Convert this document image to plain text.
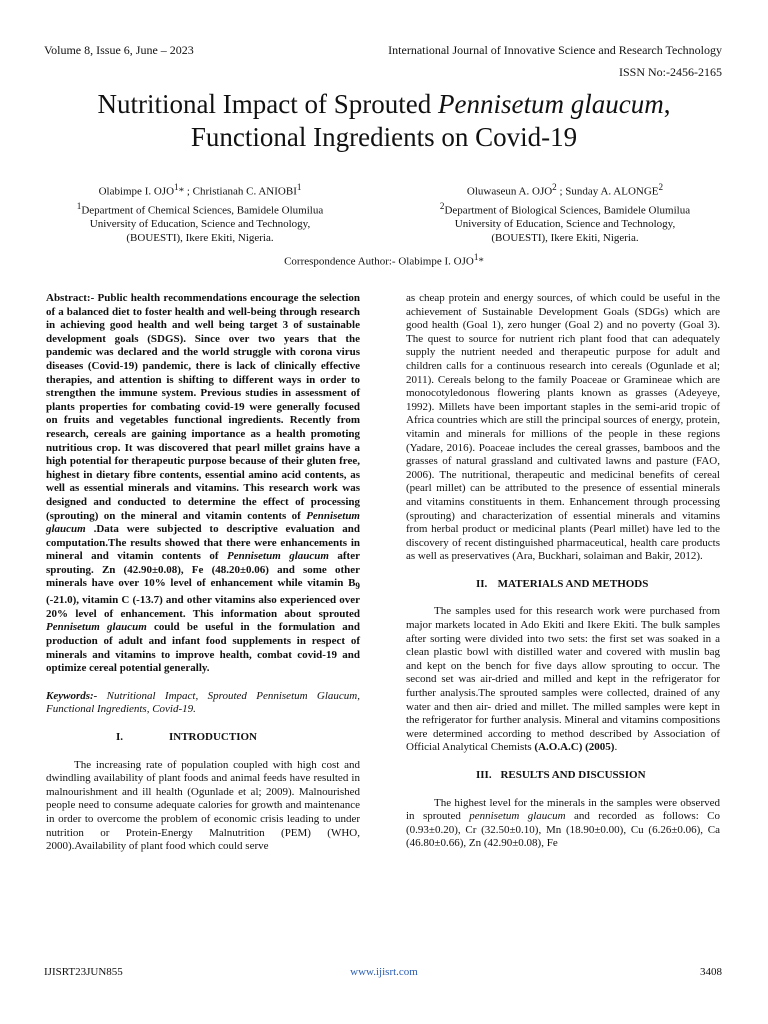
Volume 8, Issue 6, June – 2023	International Journal of Innovative Science and Research Technology
ISSN No:-2456-2165
Nutritional Impact of Sprouted Pennisetum glaucum,
Functional Ingredients on Covid-19
Olabimpe I. OJO$^1$* ; Christianah C. ANIOBI$^1$
$^1$Department of Chemical Sciences, Bamidele Olumilua
University of Education, Science and Technology,
(BOUESTI), Ikere Ekiti, Nigeria.
Oluwaseun A. OJO$^2$ ; Sunday A. ALONGE$^2$
$^2$Department of Biological Sciences, Bamidele Olumilua
University of Education, Science and Technology,
(BOUESTI), Ikere Ekiti, Nigeria.
Correspondence Author:- Olabimpe I. OJO$^1$*

Abstract:- Public health recommendations encourage the selection of a balanced diet to foster health and well-being through research in achieving good health and well being target 3 of sustainable development goals (SDGS). Since over two years that the pandemic was declared and the world struggle with corona virus diseases (Covid-19) pandemic, there is lack of clinically effective therapies, and attention is shifting to different ways in order to strengthen the immune system. Previous studies in assessment of plants properties for combating covid-19 were generally focused on fruits and vegetables functional ingredients. Recently from research, cereals are gaining importance as a health promoting nutritious crop. It was discovered that pearl millet grains have a high potential for therapeutic purpose because of their gluten free, highest in dietary fibre contents, essential amino acid contents, as well as essential minerals and vitamins. This research work was designed and conducted to determine the effect of processing (sprouting) on the mineral and vitamin contents of Pennisetum glaucum .Data were subjected to descriptive evaluation and computation.The results showed that there were enhancements in mineral and vitamin contents of Pennisetum glaucum after sprouting. Zn (42.90±0.08), Fe (48.20±0.06) and some other minerals have over 10% level of enhancement while vitamin $B_9$ (-21.0), vitamin C (-13.7) and other vitamins also experienced over 20% level of enhancement. This information about sprouted Pennisetum glaucum could be useful in the formulation and production of adult and infant food supplements in respect of minerals and vitamins to improve health, combat covid-19 and optimize cereal potential generally.

Keywords:- Nutritional Impact, Sprouted Pennisetum Glaucum, Functional Ingredients, Covid-19.

I.	INTRODUCTION

The increasing rate of population coupled with high cost and dwindling availability of plant foods and animal feeds have resulted in malnourishment and ill health (Ogunlade et al; 2009). Malnourished people need to consume adequate calories for growth and maintenance in order to overcome the problem of economic crisis leading to under nutrition or Protein-Energy Malnutrition (PEM) (WHO, 2000).Availability of plant food which could serve

as cheap protein and energy sources, of which could be useful in the achievement of Sustainable Development Goals (SDGs) which are good health (Goal 1), zero hunger (Goal 2) and no poverty (Goal 3). The quest to source for nutrient rich plant food that can adequately supply the nutrient needed and therapeutic purpose for adult and children calls for a continuous research into cereals (Ogunlade et al; 2011). Cereals belong to the family Poaceae or Gramineae which are monocotyledonous flowering plants known as grasses (Adeyeye, 1992). Millets have been important staples in the semi-arid tropic of Africa countries which are still the principal sources of energy, protein, vitamin and minerals for millions of the people in these regions (Yadare, 2016). Poaceae includes the cereal grasses, bamboos and the grasses of natural grassland and cultivated lawns and pasture (FAO, 2006). The nutritional, therapeutic and medicinal benefits of cereal (pearl millet) can be attributed to the presence of essential minerals and vitamins constituents in them. Enhancement through processing (sprouting) and characterization of essential minerals and vitamins from herbal product or medicinal plants (Pearl millet) have led to the discovery of recent distinguished pharmaceutical, health care products as well as preservatives (Ara, Buckhari, solaiman and Bakir, 2012).

II. MATERIALS AND METHODS

The samples used for this research work were purchased from major markets located in Ado Ekiti and Ikere Ekiti. The bulk samples after sorting were divided into two sets: the first set was soaked in a clean plastic bowl with distilled water and covered with muslin bag and kept on the bench for five days allow sprouting to occur. The second set was air-dried and milled and kept in the refrigerator for further analysis.The sprouted samples were collected, drained of any water and then air- dried and millet. The milled samples were kept in the refrigerator for further analysis. Mineral and vitamins compositions were determined according to method described by Association of Official Analytical Chemists (A.O.A.C) (2005).

III. RESULTS AND DISCUSSION

The highest level for the minerals in the samples were observed in sprouted pennisetum glaucum and recorded as follows: Co (0.93±0.20), Cr (32.50±0.10), Mn (18.90±0.00), Cu (6.26±0.06), Ca (46.80±0.66), Zn (42.90±0.08), Fe

IJISRT23JUN855	www.ijisrt.com	3408
